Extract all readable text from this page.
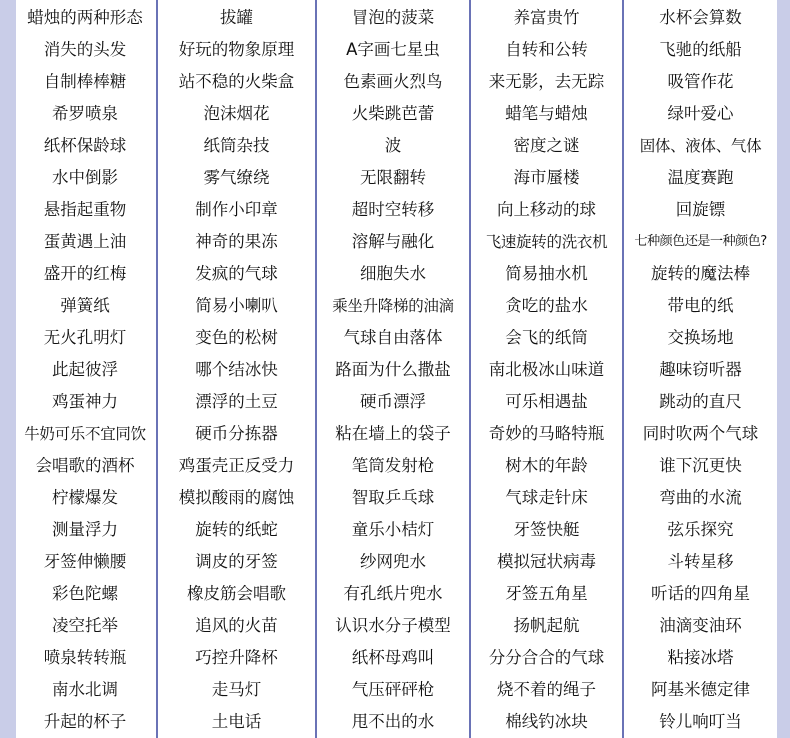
蜡烛的两种形态
消失的头发
自制棒棒糖
希罗喷泉
纸杯保龄球
水中倒影
悬指起重物
蛋黄遇上油
盛开的红梅
弹簧纸
无火孔明灯
此起彼浮
鸡蛋神力
牛奶可乐不宜同饮
会唱歌的酒杯
柠檬爆发
测量浮力
牙签伸懒腰
彩色陀螺
凌空托举
喷泉转转瓶
南水北调
升起的杯子
拔罐
好玩的物象原理
站不稳的火柴盒
泡沫烟花
纸筒杂技
雾气缭绕
制作小印章
神奇的果冻
发疯的气球
简易小喇叭
变色的松树
哪个结冰快
漂浮的土豆
硬币分拣器
鸡蛋壳正反受力
模拟酸雨的腐蚀
旋转的纸蛇
调皮的牙签
橡皮筋会唱歌
追风的火苗
巧控升降杯
走马灯
土电话
冒泡的菠菜
A字画七星虫
色素画火烈鸟
火柴跳芭蕾
波
无限翻转
超时空转移
溶解与融化
细胞失水
乘坐升降梯的油滴
气球自由落体
路面为什么撒盐
硬币漂浮
粘在墙上的袋子
笔筒发射枪
智取乒乓球
童乐小桔灯
纱网兜水
有孔纸片兜水
认识水分子模型
纸杯母鸡叫
气压砰砰枪
甩不出的水
养富贵竹
自转和公转
来无影，去无踪
蜡笔与蜡烛
密度之谜
海市蜃楼
向上移动的球
飞速旋转的洗衣机
简易抽水机
贪吃的盐水
会飞的纸筒
南北极冰山味道
可乐相遇盐
奇妙的马略特瓶
树木的年龄
气球走针床
牙签快艇
模拟冠状病毒
牙签五角星
扬帆起航
分分合合的气球
烧不着的绳子
棉线钓冰块
水杯会算数
飞驰的纸船
吸管作花
绿叶爱心
固体、液体、气体
温度赛跑
回旋镖
七种颜色还是一种颜色?
旋转的魔法棒
带电的纸
交换场地
趣味窃听器
跳动的直尺
同时吹两个气球
谁下沉更快
弯曲的水流
弦乐探究
斗转星移
听话的四角星
油滴变油环
粘接冰塔
阿基米德定律
铃儿响叮当
